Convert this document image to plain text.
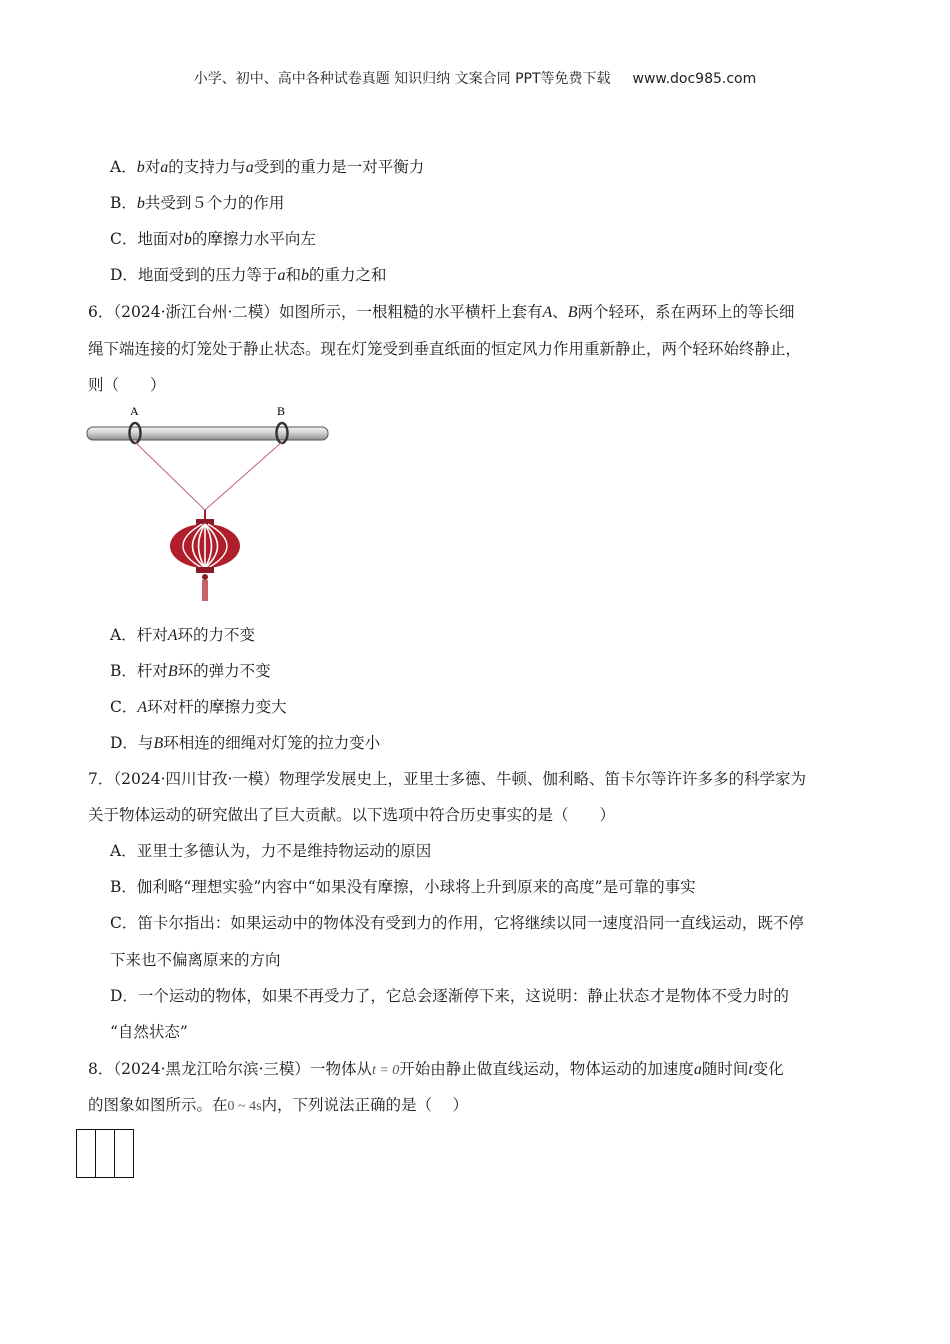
小学、初中、高中各种试卷真题 知识归纳 文案合同 PPT等免费下载 www.doc985.com
A．b对a的支持力与a受到的重力是一对平衡力
B．b共受到５个力的作用
C．地面对b的摩擦力水平向左
D．地面受到的压力等于a和b的重力之和
6．（2024·浙江台州·二模）如图所示，一根粗糙的水平横杆上套有A、B两个轻环，系在两环上的等长细
绳下端连接的灯笼处于静止状态。现在灯笼受到垂直纸面的恒定风力作用重新静止，两个轻环始终静止，
则（　　）
A	B
A．杆对A环的力不变
B．杆对B环的弹力不变
C．A环对杆的摩擦力变大
D．与B环相连的细绳对灯笼的拉力变小
7．（2024·四川甘孜·一模）物理学发展史上，亚里士多德、牛顿、伽利略、笛卡尔等许许多多的科学家为
关于物体运动的研究做出了巨大贡献。以下选项中符合历史事实的是（　　）
A．亚里士多德认为，力不是维持物运动的原因
B．伽利略“理想实验”内容中“如果没有摩擦，小球将上升到原来的高度”是可靠的事实
C．笛卡尔指出：如果运动中的物体没有受到力的作用，它将继续以同一速度沿同一直线运动，既不停
下来也不偏离原来的方向
D．一个运动的物体，如果不再受力了，它总会逐渐停下来，这说明：静止状态才是物体不受力时的
“自然状态”
8．（2024·黑龙江哈尔滨·三模）一物体从t = 0开始由静止做直线运动，物体运动的加速度a随时间t变化
的图象如图所示。在0 ~ 4s内，下列说法正确的是（　 ）
